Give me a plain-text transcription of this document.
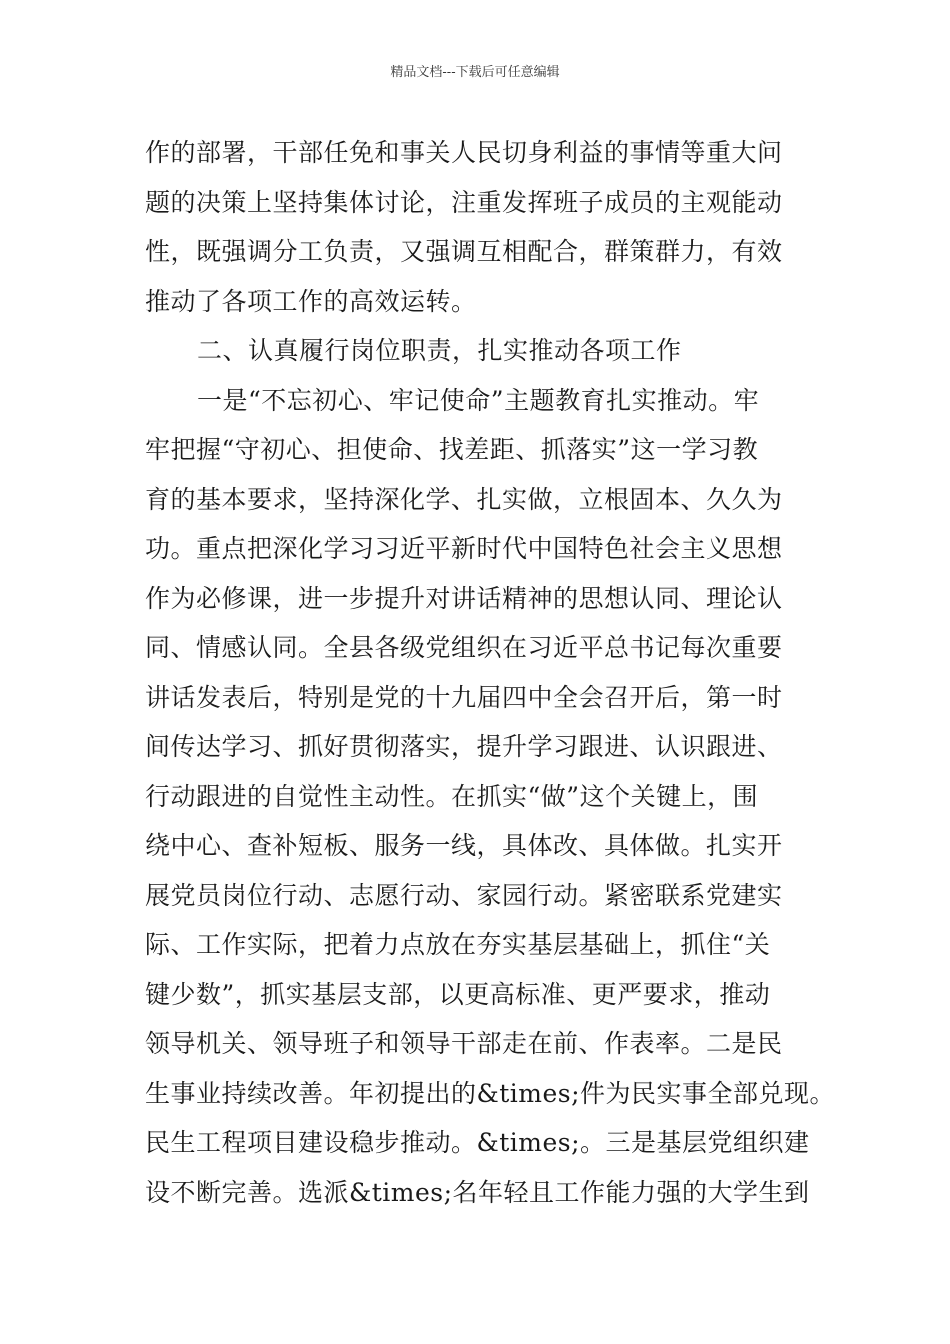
精品文档---下载后可任意编辑
作的部署，干部任免和事关人民切身利益的事情等重大问
题的决策上坚持集体讨论，注重发挥班子成员的主观能动
性，既强调分工负责，又强调互相配合，群策群力，有效
推动了各项工作的高效运转。
二、认真履行岗位职责，扎实推动各项工作
一是“不忘初心、牢记使命”主题教育扎实推动。牢
牢把握“守初心、担使命、找差距、抓落实”这一学习教
育的基本要求，坚持深化学、扎实做，立根固本、久久为
功。重点把深化学习习近平新时代中国特色社会主义思想
作为必修课，进一步提升对讲话精神的思想认同、理论认
同、情感认同。全县各级党组织在习近平总书记每次重要
讲话发表后，特别是党的十九届四中全会召开后，第一时
间传达学习、抓好贯彻落实，提升学习跟进、认识跟进、
行动跟进的自觉性主动性。在抓实“做”这个关键上，围
绕中心、查补短板、服务一线，具体改、具体做。扎实开
展党员岗位行动、志愿行动、家园行动。紧密联系党建实
际、工作实际，把着力点放在夯实基层基础上，抓住“关
键少数”，抓实基层支部，以更高标准、更严要求，推动
领导机关、领导班子和领导干部走在前、作表率。二是民
生事业持续改善。年初提出的&times;件为民实事全部兑现。
民生工程项目建设稳步推动。&times;。三是基层党组织建
设不断完善。选派&times;名年轻且工作能力强的大学生到
